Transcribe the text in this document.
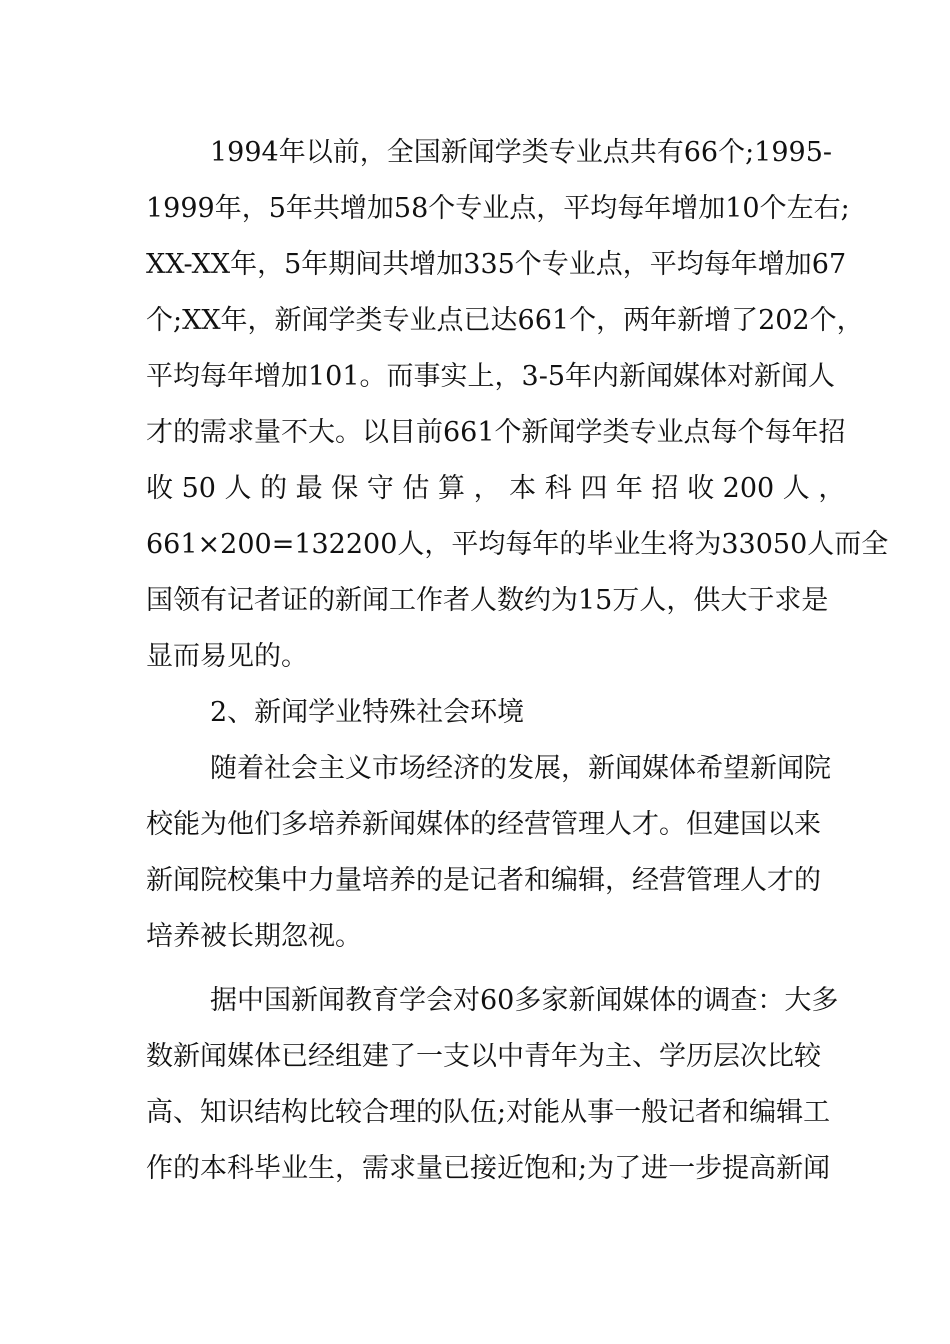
1994年以前，全国新闻学类专业点共有66个;1995-
1999年，5年共增加58个专业点，平均每年增加10个左右;
XX-XX年，5年期间共增加335个专业点，平均每年增加67
个;XX年，新闻学类专业点已达661个，两年新增了202个，
平均每年增加101。而事实上，3-5年内新闻媒体对新闻人
才的需求量不大。以目前661个新闻学类专业点每个每年招
收 50 人 的 最 保 守 估 算 ， 本 科 四 年 招 收 200 人 ，
661×200=132200人，平均每年的毕业生将为33050人而全
国领有记者证的新闻工作者人数约为15万人，供大于求是
显而易见的。
2、新闻学业特殊社会环境
随着社会主义市场经济的发展，新闻媒体希望新闻院
校能为他们多培养新闻媒体的经营管理人才。但建国以来
新闻院校集中力量培养的是记者和编辑，经营管理人才的
培养被长期忽视。
据中国新闻教育学会对60多家新闻媒体的调查：大多
数新闻媒体已经组建了一支以中青年为主、学历层次比较
高、知识结构比较合理的队伍;对能从事一般记者和编辑工
作的本科毕业生，需求量已接近饱和;为了进一步提高新闻
